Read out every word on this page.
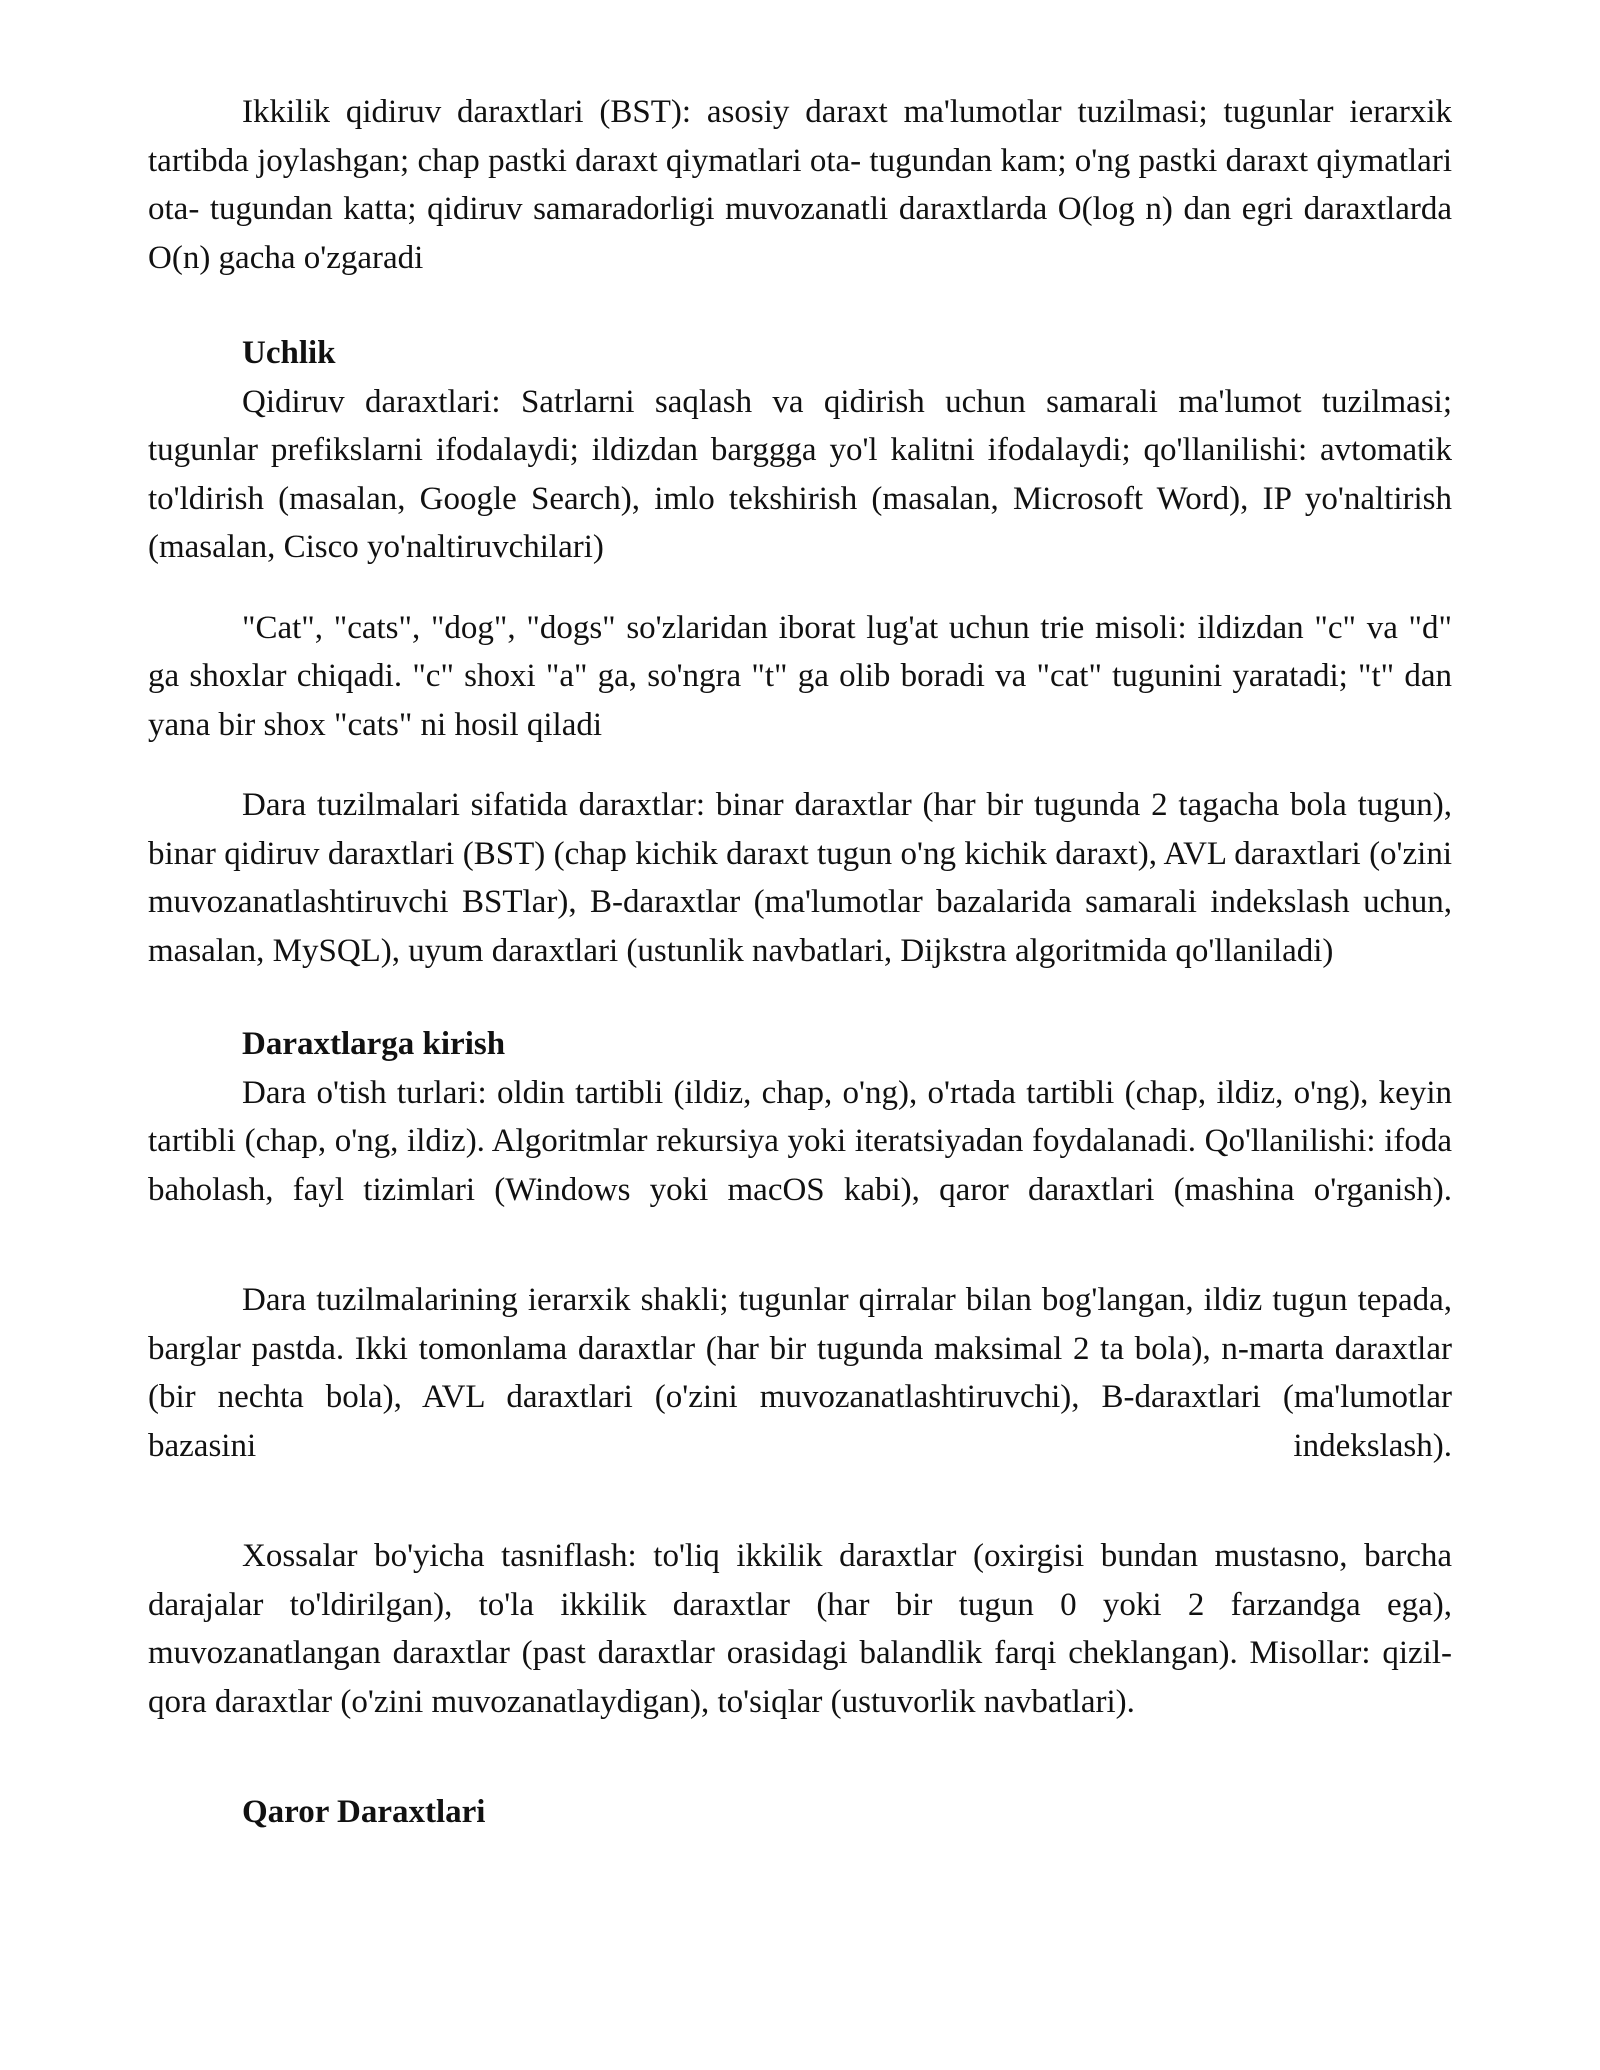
Ikkilik qidiruv daraxtlari (BST): asosiy daraxt ma'lumotlar tuzilmasi; tugunlar ierarxik tartibda joylashgan; chap pastki daraxt qiymatlari ota- tugundan kam; o'ng pastki daraxt qiymatlari ota- tugundan katta; qidiruv samaradorligi muvozanatli daraxtlarda O(log n) dan egri daraxtlarda O(n) gacha o'zgaradi

Uchlik

Qidiruv daraxtlari: Satrlarni saqlash va qidirish uchun samarali ma'lumot tuzilmasi; tugunlar prefikslarni ifodalaydi; ildizdan barggga yo'l kalitni ifodalaydi; qo'llanilishi: avtomatik to'ldirish (masalan, Google Search), imlo tekshirish (masalan, Microsoft Word), IP yo'naltirish (masalan, Cisco yo'naltiruvchilari)

"Cat", "cats", "dog", "dogs" so'zlaridan iborat lug'at uchun trie misoli: ildizdan "c" va "d" ga shoxlar chiqadi. "c" shoxi "a" ga, so'ngra "t" ga olib boradi va "cat" tugunini yaratadi; "t" dan yana bir shox "cats" ni hosil qiladi

Dara tuzilmalari sifatida daraxtlar: binar daraxtlar (har bir tugunda 2 tagacha bola tugun), binar qidiruv daraxtlari (BST) (chap kichik daraxt tugun o'ng kichik daraxt), AVL daraxtlari (o'zini muvozanatlashtiruvchi BSTlar), B-daraxtlar (ma'lumotlar bazalarida samarali indekslash uchun, masalan, MySQL), uyum daraxtlari (ustunlik navbatlari, Dijkstra algoritmida qo'llaniladi)

Daraxtlarga kirish

Dara o'tish turlari: oldin tartibli (ildiz, chap, o'ng), o'rtada tartibli (chap, ildiz, o'ng), keyin tartibli (chap, o'ng, ildiz). Algoritmlar rekursiya yoki iteratsiyadan foydalanadi. Qo'llanilishi: ifoda baholash, fayl tizimlari (Windows yoki macOS kabi), qaror daraxtlari (mashina o'rganish).

Dara tuzilmalarining ierarxik shakli; tugunlar qirralar bilan bog'langan, ildiz tugun tepada, barglar pastda. Ikki tomonlama daraxtlar (har bir tugunda maksimal 2 ta bola), n-marta daraxtlar (bir nechta bola), AVL daraxtlari (o'zini muvozanatlashtiruvchi), B-daraxtlari (ma'lumotlar bazasini indekslash).

Xossalar bo'yicha tasniflash: to'liq ikkilik daraxtlar (oxirgisi bundan mustasno, barcha darajalar to'ldirilgan), to'la ikkilik daraxtlar (har bir tugun 0 yoki 2 farzandga ega), muvozanatlangan daraxtlar (past daraxtlar orasidagi balandlik farqi cheklangan). Misollar: qizil-qora daraxtlar (o'zini muvozanatlaydigan), to'siqlar (ustuvorlik navbatlari).

Qaror Daraxtlari
